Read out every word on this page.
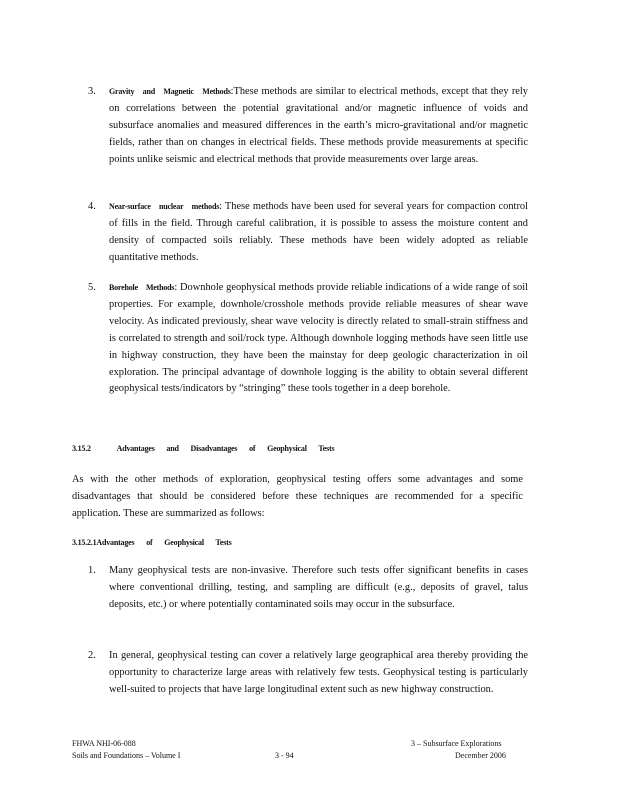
3. Gravity and Magnetic Methods:These methods are similar to electrical methods, except that they rely on correlations between the potential gravitational and/or magnetic influence of voids and subsurface anomalies and measured differences in the earth’s micro-gravitational and/or magnetic fields, rather than on changes in electrical fields. These methods provide measurements at specific points unlike seismic and electrical methods that provide measurements over large areas.
4. Near-surface nuclear methods: These methods have been used for several years for compaction control of fills in the field. Through careful calibration, it is possible to assess the moisture content and density of compacted soils reliably. These methods have been widely adopted as reliable quantitative methods.
5. Borehole Methods: Downhole geophysical methods provide reliable indications of a wide range of soil properties. For example, downhole/crosshole methods provide reliable measures of shear wave velocity. As indicated previously, shear wave velocity is directly related to small-strain stiffness and is correlated to strength and soil/rock type. Although downhole logging methods have seen little use in highway construction, they have been the mainstay for deep geologic characterization in oil exploration. The principal advantage of downhole logging is the ability to obtain several different geophysical tests/indicators by “stringing” these tools together in a deep borehole.
3.15.2	Advantages and Disadvantages of Geophysical Tests
As with the other methods of exploration, geophysical testing offers some advantages and some disadvantages that should be considered before these techniques are recommended for a specific application. These are summarized as follows:
3.15.2.1Advantages of Geophysical Tests
1. Many geophysical tests are non-invasive. Therefore such tests offer significant benefits in cases where conventional drilling, testing, and sampling are difficult (e.g., deposits of gravel, talus deposits, etc.) or where potentially contaminated soils may occur in the subsurface.
2. In general, geophysical testing can cover a relatively large geographical area thereby providing the opportunity to characterize large areas with relatively few tests. Geophysical testing is particularly well-suited to projects that have large longitudinal extent such as new highway construction.
FHWA NHI-06-088
Soils and Foundations – Volume I	3 - 94
3 – Subsurface Explorations
December 2006
